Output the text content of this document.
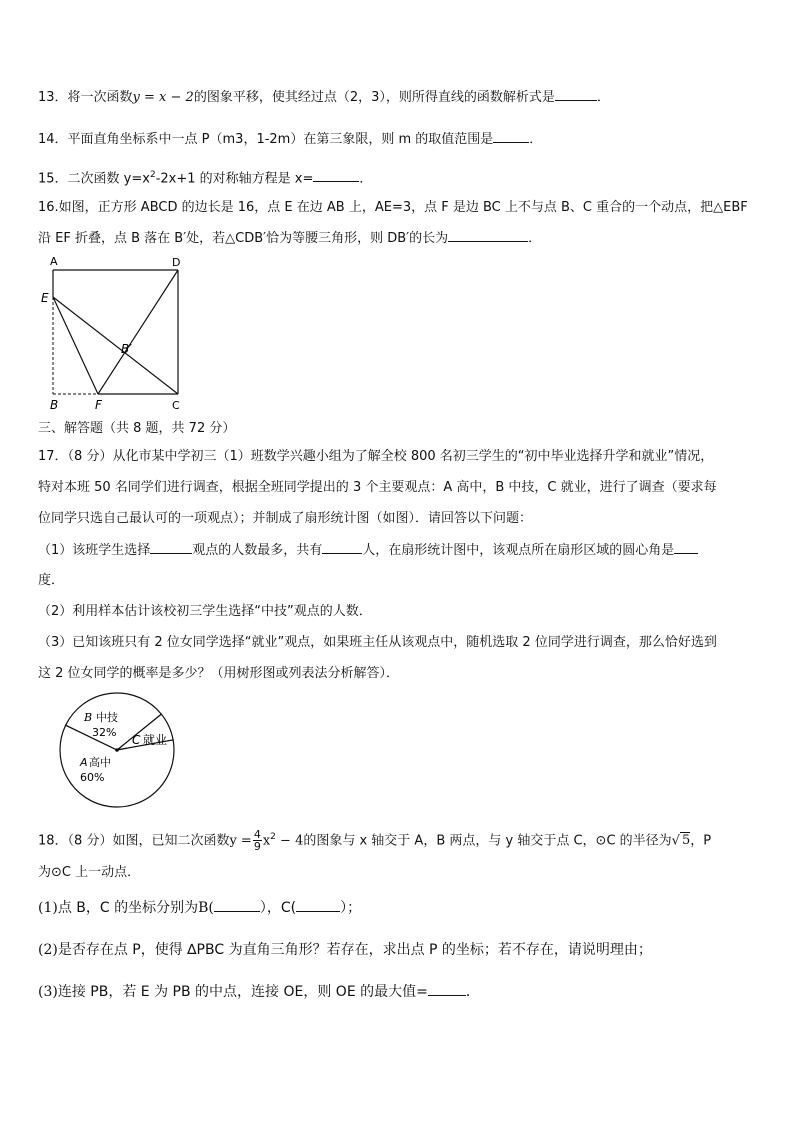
13．将一次函数y = x − 2的图象平移，使其经过点（2，3），则所得直线的函数解析式是	．
14．平面直角坐标系中一点 P（m3，1-2m）在第三象限，则 m 的取值范围是	．
15．二次函数 $y=x^2-2x+1$ 的对称轴方程是 x=	．
16.如图，正方形 ABCD 的边长是 16，点 E 在边 AB 上，AE=3，点 F 是边 BC 上不与点 B、C 重合的一个动点，把△EBF
沿 EF 折叠，点 B 落在 B′处，若△CDB′恰为等腰三角形，则 DB′的长为	．
A	D
E
B′
B	F	C
三、解答题（共 8 题，共 72 分）
17．（8 分）从化市某中学初三（1）班数学兴趣小组为了解全校 800 名初三学生的“初中毕业选择升学和就业”情况，
特对本班 50 名同学们进行调查，根据全班同学提出的 3 个主要观点：A 高中，B 中技，C 就业，进行了调查（要求每
位同学只选自己最认可的一项观点）；并制成了扇形统计图（如图）．请回答以下问题：
（1）该班学生选择	观点的人数最多，共有	人，在扇形统计图中，该观点所在扇形区域的圆心角是
度．
（2）利用样本估计该校初三学生选择“中技”观点的人数．
（3）已知该班只有 2 位女同学选择“就业”观点，如果班主任从该观点中，随机选取 2 位同学进行调查，那么恰好选到
这 2 位女同学的概率是多少？（用树形图或列表法分析解答）．
B 中技
32%
C 就业
A 高中
60%
18．（8 分）如图，已知二次函数$y = \frac{4}{9} x^2 - 4$的图象与 x 轴交于 A，B 两点，与 y 轴交于点 C，⊙C 的半径为√ 5，P
为⊙C 上一动点．
(1)点 B，C 的坐标分别为B(	），C(	）；
(2)是否存在点 P，使得 ∆PBC 为直角三角形？若存在，求出点 P 的坐标；若不存在，请说明理由；
(3)连接 PB，若 E 为 PB 的中点，连接 OE，则 OE 的最大值=	．
